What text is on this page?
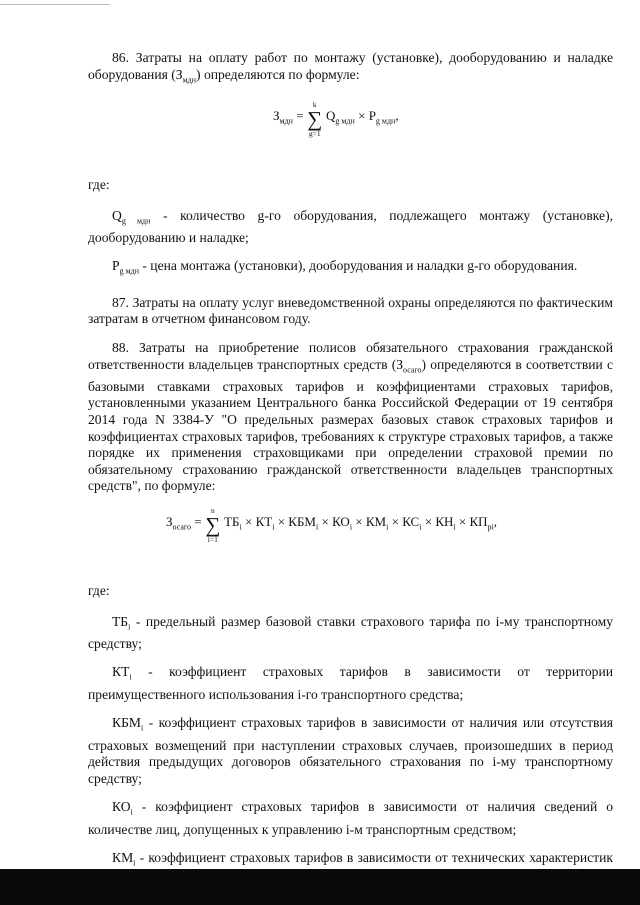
86. Затраты на оплату работ по монтажу (установке), дооборудованию и наладке оборудования $(З_{мдн})$ определяются по формуле:

$З_{мдн}$ =
k
∑
g=1
$Q_{g мдн} \times P_{g мдн}$,

где:

$Q_{g мдн}$ - количество g-го оборудования, подлежащего монтажу (установке), дооборудованию и наладке;

$P_{g мдн}$ - цена монтажа (установки), дооборудования и наладки g-го оборудования.

87. Затраты на оплату услуг вневедомственной охраны определяются по фактическим затратам в отчетном финансовом году.

88. Затраты на приобретение полисов обязательного страхования гражданской ответственности владельцев транспортных средств $(З_{осаго})$ определяются в соответствии с базовыми ставками страховых тарифов и коэффициентами страховых тарифов, установленными указанием Центрального банка Российской Федерации от 19 сентября 2014 года N 3384-У "О предельных размерах базовых ставок страховых тарифов и коэффициентах страховых тарифов, требованиях к структуре страховых тарифов, а также порядке их применения страховщиками при определении страховой премии по обязательному страхованию гражданской ответственности владельцев транспортных средств", по формуле:

$З_{осаго}$ =
n
∑
i=1
$ТБ_i \times КТ_i \times КБМ_i \times КО_i \times КМ_i \times КС_i \times КН_i \times КП_{pi}$,

где:

$ТБ_i$ - предельный размер базовой ставки страхового тарифа по i-му транспортному средству;

$КТ_i$ - коэффициент страховых тарифов в зависимости от территории преимущественного использования i-го транспортного средства;

$КБМ_i$ - коэффициент страховых тарифов в зависимости от наличия или отсутствия страховых возмещений при наступлении страховых случаев, произошедших в период действия предыдущих договоров обязательного страхования по i-му транспортному средству;

$КО_i$ - коэффициент страховых тарифов в зависимости от наличия сведений о количестве лиц, допущенных к управлению i-м транспортным средством;

$КМ_i$ - коэффициент страховых тарифов в зависимости от технических характеристик
